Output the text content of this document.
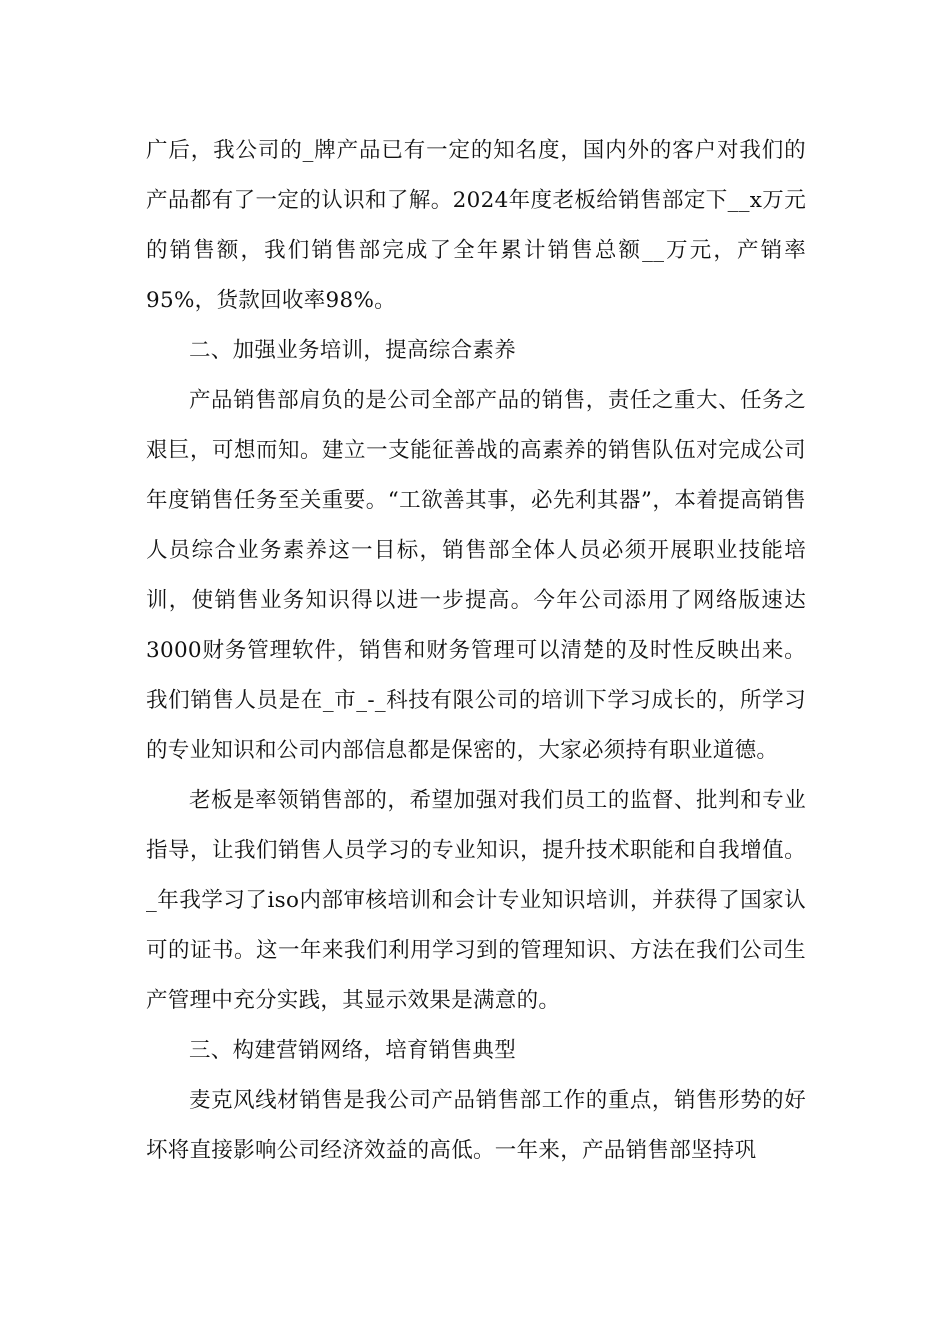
广后，我公司的_牌产品已有一定的知名度，国内外的客户对我们的产品都有了一定的认识和了解。2024年度老板给销售部定下__x万元的销售额，我们销售部完成了全年累计销售总额__万元，产销率95%，货款回收率98%。

二、加强业务培训，提高综合素养

产品销售部肩负的是公司全部产品的销售，责任之重大、任务之艰巨，可想而知。建立一支能征善战的高素养的销售队伍对完成公司年度销售任务至关重要。“工欲善其事，必先利其器”，本着提高销售人员综合业务素养这一目标，销售部全体人员必须开展职业技能培训，使销售业务知识得以进一步提高。今年公司添用了网络版速达3000财务管理软件，销售和财务管理可以清楚的及时性反映出来。我们销售人员是在_市_-_科技有限公司的培训下学习成长的，所学习的专业知识和公司内部信息都是保密的，大家必须持有职业道德。

老板是率领销售部的，希望加强对我们员工的监督、批判和专业指导，让我们销售人员学习的专业知识，提升技术职能和自我增值。_年我学习了iso内部审核培训和会计专业知识培训，并获得了国家认可的证书。这一年来我们利用学习到的管理知识、方法在我们公司生产管理中充分实践，其显示效果是满意的。

三、构建营销网络，培育销售典型

麦克风线材销售是我公司产品销售部工作的重点，销售形势的好坏将直接影响公司经济效益的高低。一年来，产品销售部坚持巩
